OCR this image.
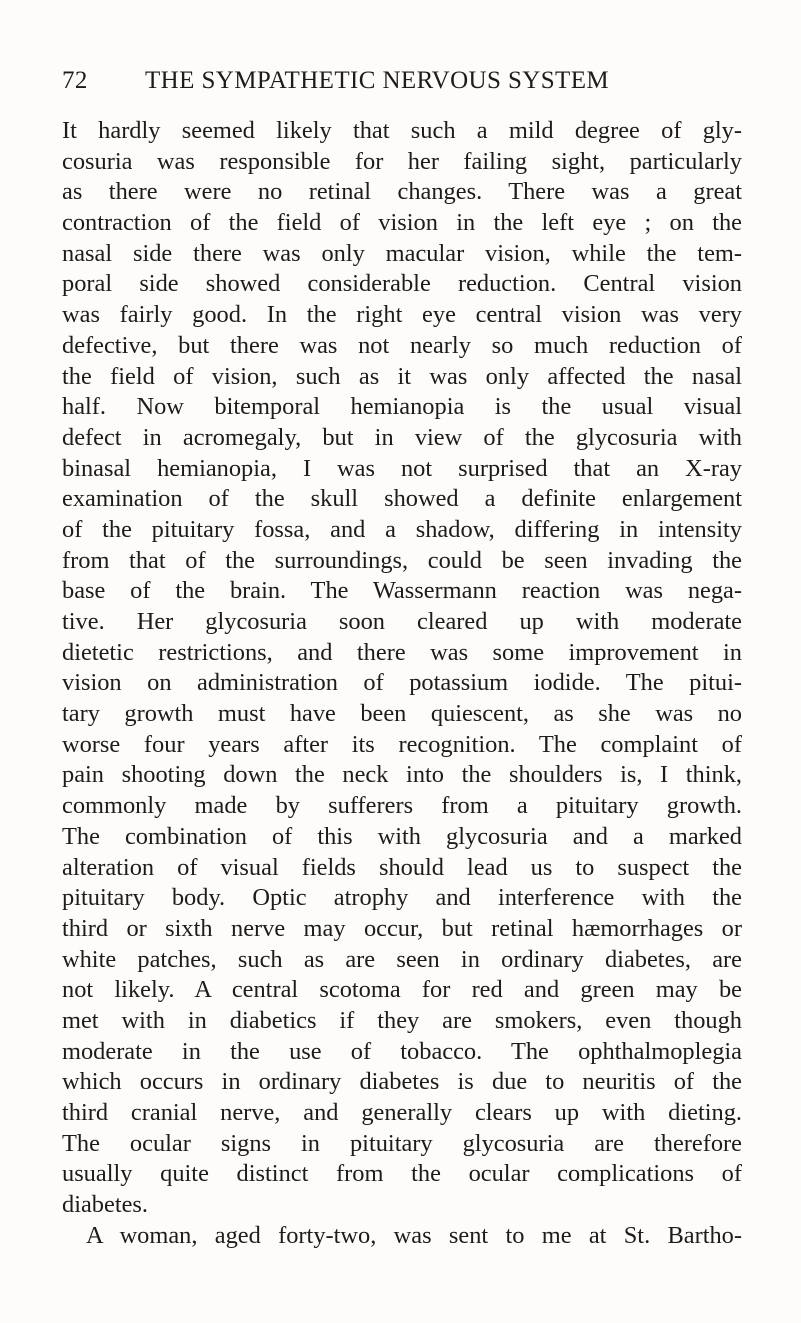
72 THE SYMPATHETIC NERVOUS SYSTEM
It hardly seemed likely that such a mild degree of gly-
cosuria was responsible for her failing sight, particularly
as there were no retinal changes. There was a great
contraction of the field of vision in the left eye ; on the
nasal side there was only macular vision, while the tem-
poral side showed considerable reduction. Central vision
was fairly good. In the right eye central vision was very
defective, but there was not nearly so much reduction of
the field of vision, such as it was only affected the nasal
half. Now bitemporal hemianopia is the usual visual
defect in acromegaly, but in view of the glycosuria with
binasal hemianopia, I was not surprised that an X-ray
examination of the skull showed a definite enlargement
of the pituitary fossa, and a shadow, differing in intensity
from that of the surroundings, could be seen invading the
base of the brain. The Wassermann reaction was nega-
tive. Her glycosuria soon cleared up with moderate
dietetic restrictions, and there was some improvement in
vision on administration of potassium iodide. The pitui-
tary growth must have been quiescent, as she was no
worse four years after its recognition. The complaint of
pain shooting down the neck into the shoulders is, I think,
commonly made by sufferers from a pituitary growth.
The combination of this with glycosuria and a marked
alteration of visual fields should lead us to suspect the
pituitary body. Optic atrophy and interference with the
third or sixth nerve may occur, but retinal hæmorrhages or
white patches, such as are seen in ordinary diabetes, are
not likely. A central scotoma for red and green may be
met with in diabetics if they are smokers, even though
moderate in the use of tobacco. The ophthalmoplegia
which occurs in ordinary diabetes is due to neuritis of the
third cranial nerve, and generally clears up with dieting.
The ocular signs in pituitary glycosuria are therefore
usually quite distinct from the ocular complications of
diabetes.
A woman, aged forty-two, was sent to me at St. Bartho-
